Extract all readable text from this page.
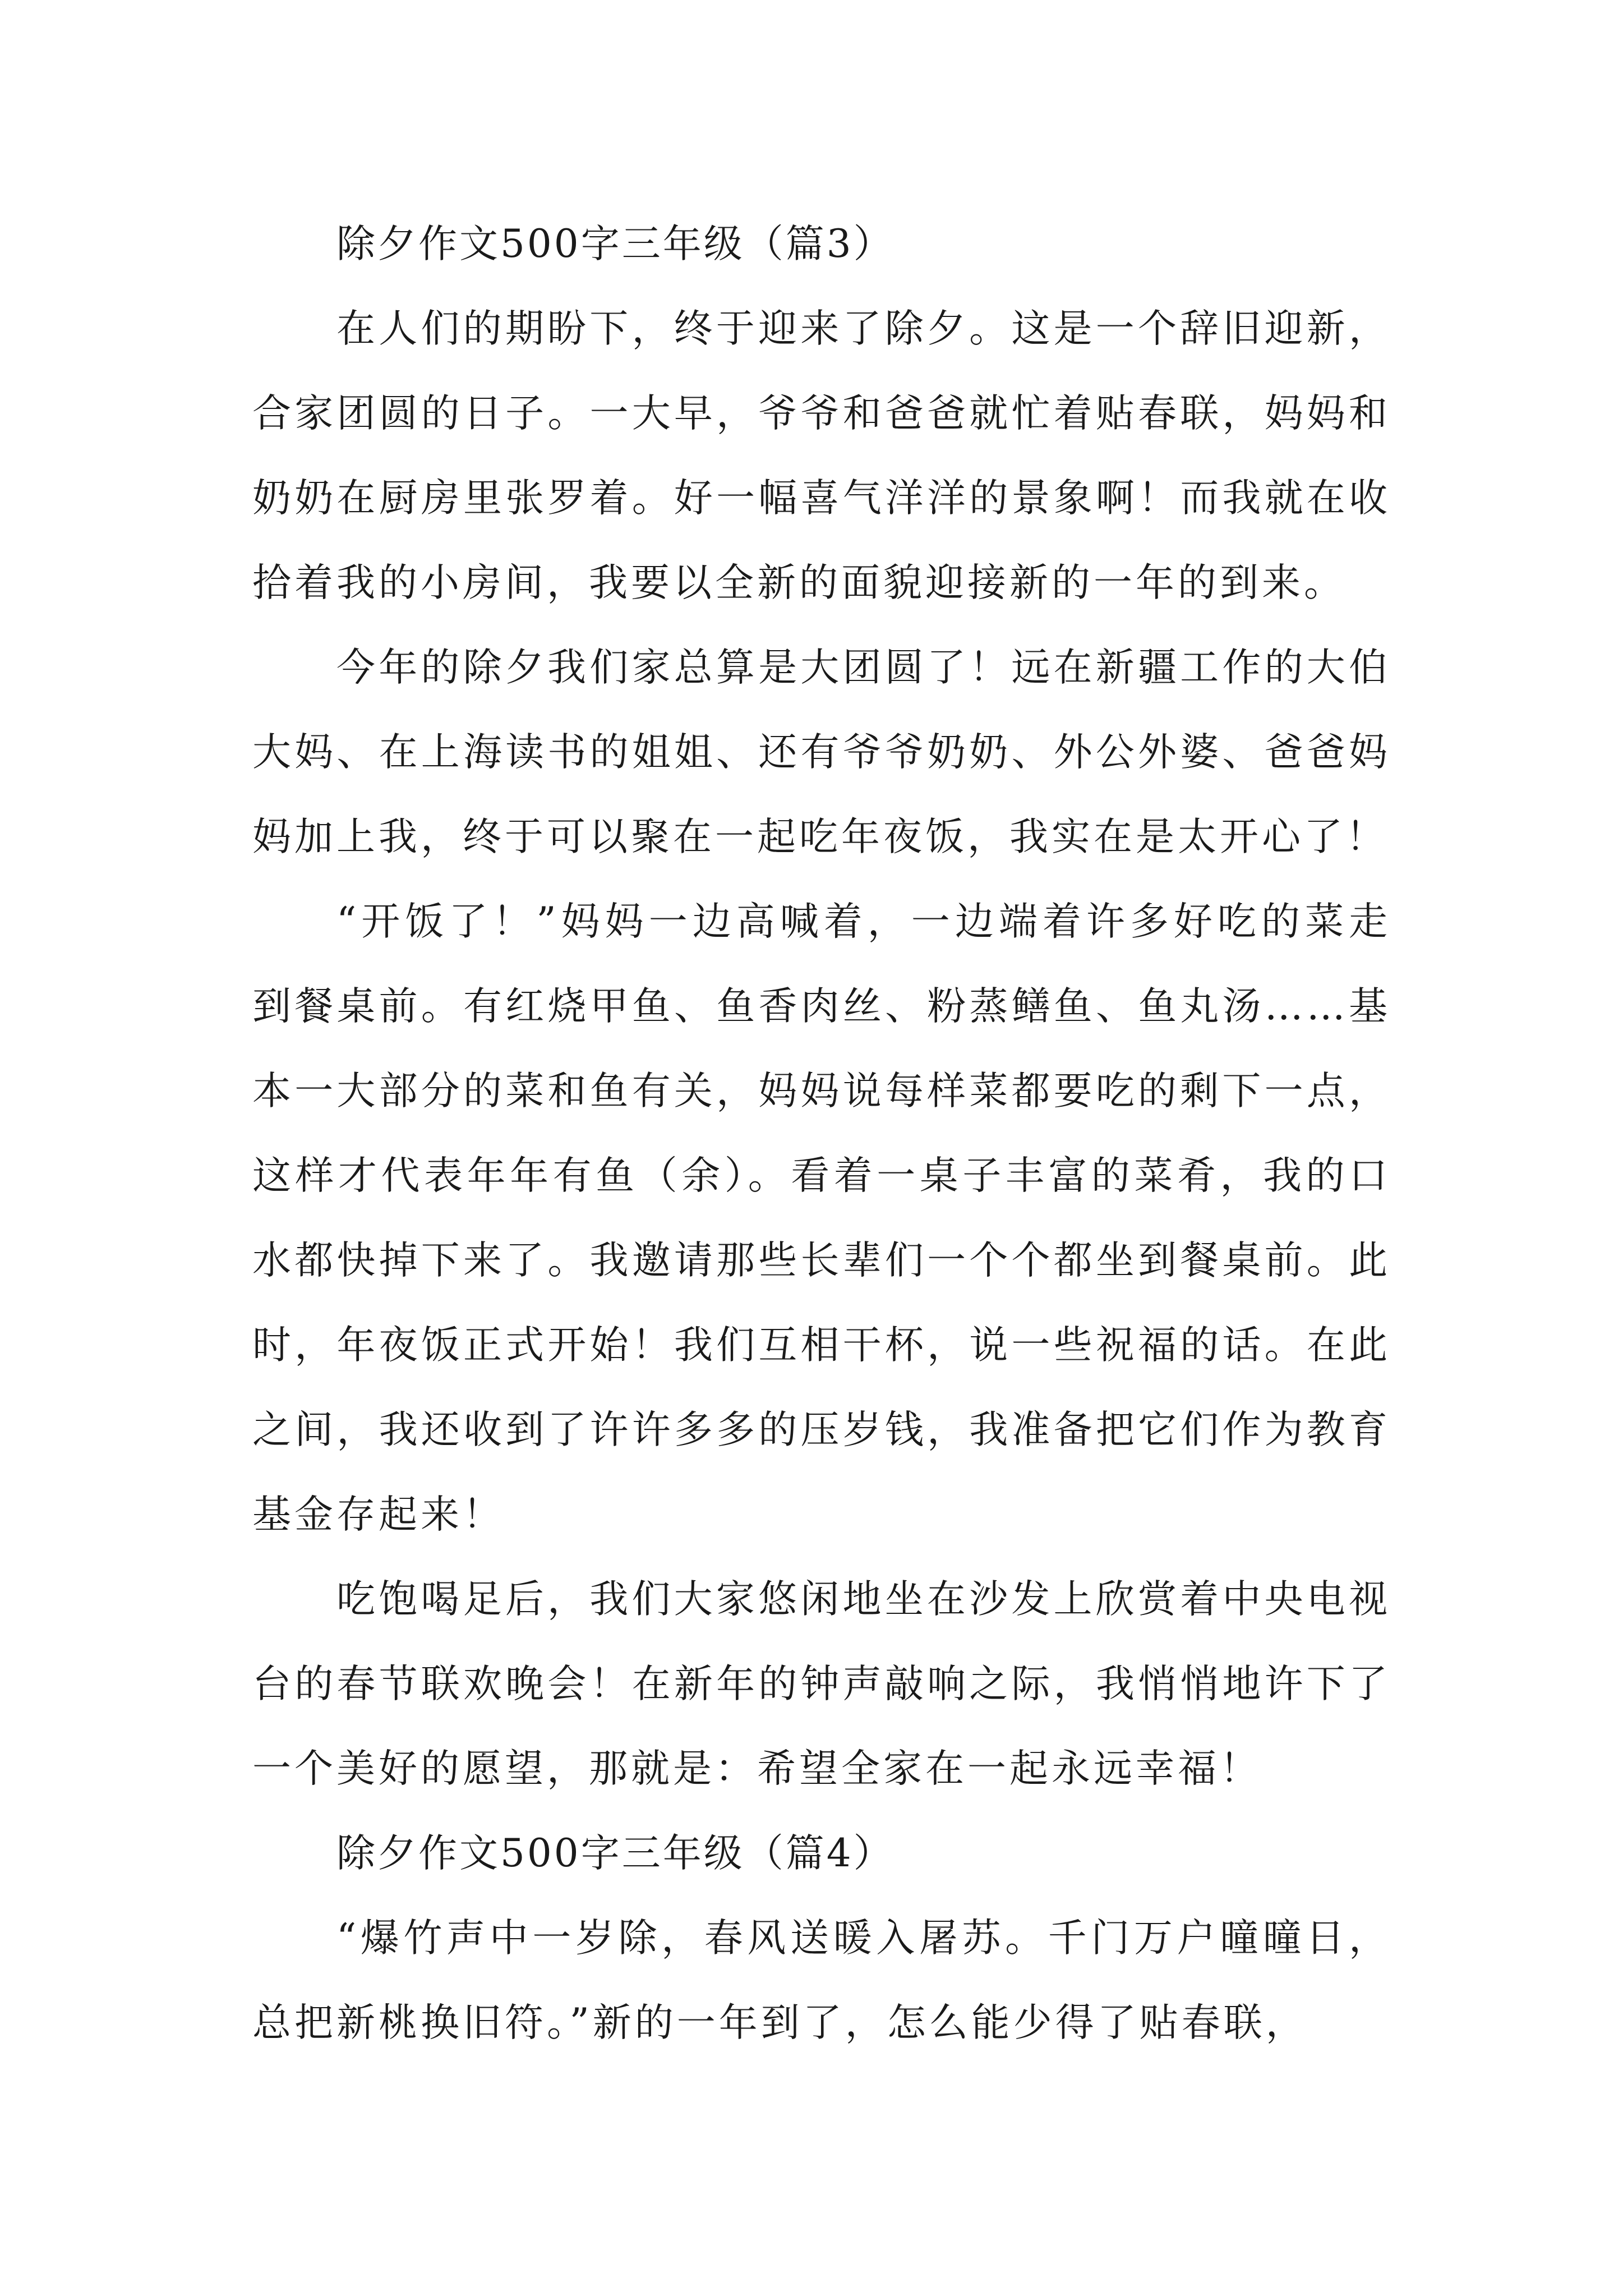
除夕作文500字三年级（篇3）

在人们的期盼下，终于迎来了除夕。这是一个辞旧迎新，合家团圆的日子。一大早，爷爷和爸爸就忙着贴春联，妈妈和奶奶在厨房里张罗着。好一幅喜气洋洋的景象啊！而我就在收拾着我的小房间，我要以全新的面貌迎接新的一年的到来。

今年的除夕我们家总算是大团圆了！远在新疆工作的大伯大妈、在上海读书的姐姐、还有爷爷奶奶、外公外婆、爸爸妈妈加上我，终于可以聚在一起吃年夜饭，我实在是太开心了！

“开饭了！”妈妈一边高喊着，一边端着许多好吃的菜走到餐桌前。有红烧甲鱼、鱼香肉丝、粉蒸鳝鱼、鱼丸汤……基本一大部分的菜和鱼有关，妈妈说每样菜都要吃的剩下一点，这样才代表年年有鱼（余）。看着一桌子丰富的菜肴，我的口水都快掉下来了。我邀请那些长辈们一个个都坐到餐桌前。此时，年夜饭正式开始！我们互相干杯，说一些祝福的话。在此之间，我还收到了许许多多的压岁钱，我准备把它们作为教育基金存起来！

吃饱喝足后，我们大家悠闲地坐在沙发上欣赏着中央电视台的春节联欢晚会！在新年的钟声敲响之际，我悄悄地许下了一个美好的愿望，那就是：希望全家在一起永远幸福！

除夕作文500字三年级（篇4）

“爆竹声中一岁除，春风送暖入屠苏。千门万户曈曈日，总把新桃换旧符。”新的一年到了，怎么能少得了贴春联，
